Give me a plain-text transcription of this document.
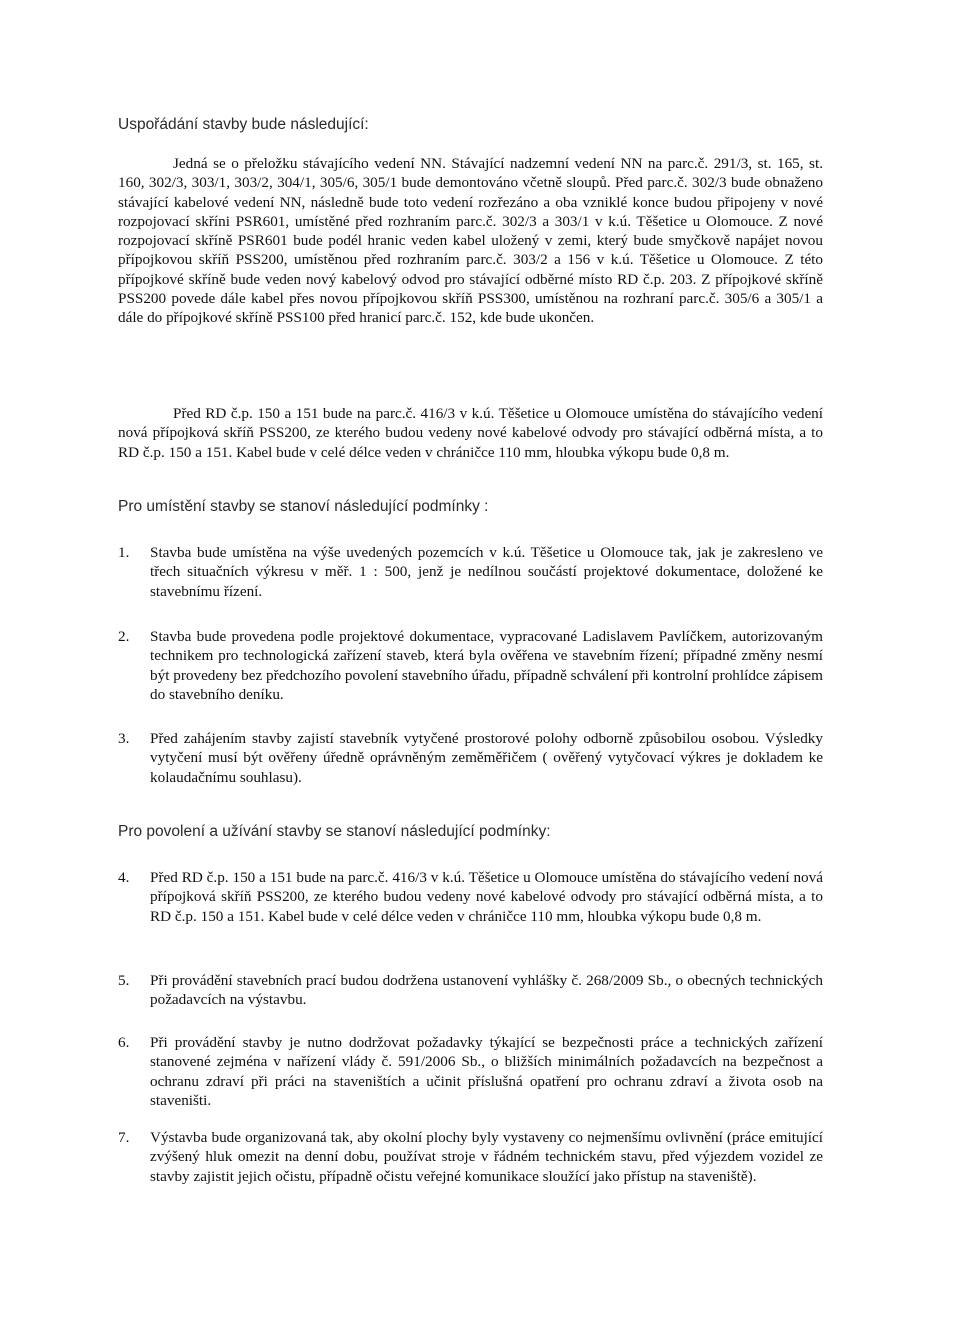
Uspořádání stavby bude následující:

Jedná se o přeložku stávajícího vedení NN. Stávající nadzemní vedení NN na parc.č. 291/3, st. 165, st. 160, 302/3, 303/1, 303/2, 304/1, 305/6, 305/1 bude demontováno včetně sloupů. Před parc.č. 302/3 bude obnaženo stávající kabelové vedení NN, následně bude toto vedení rozřezáno a oba vzniklé konce budou připojeny v nové rozpojovací skříni PSR601, umístěné před rozhraním parc.č. 302/3 a 303/1 v k.ú. Těšetice u Olomouce. Z nové rozpojovací skříně PSR601 bude podél hranic veden kabel uložený v zemi, který bude smyčkově napájet novou přípojkovou skříň PSS200, umístěnou před rozhraním parc.č. 303/2 a 156 v k.ú. Těšetice u Olomouce. Z této přípojkové skříně bude veden nový kabelový odvod pro stávající odběrné místo RD č.p. 203. Z přípojkové skříně PSS200 povede dále kabel přes novou přípojkovou skříň PSS300, umístěnou na rozhraní parc.č. 305/6 a 305/1 a dále do přípojkové skříně PSS100 před hranicí parc.č. 152, kde bude ukončen.

Před RD č.p. 150 a 151 bude na parc.č. 416/3 v k.ú. Těšetice u Olomouce umístěna do stávajícího vedení nová přípojková skříň PSS200, ze kterého budou vedeny nové kabelové odvody pro stávající odběrná místa, a to RD č.p. 150 a 151. Kabel bude v celé délce veden v chráničce 110 mm, hloubka výkopu bude 0,8 m.

Pro umístění stavby se stanoví následující podmínky :

1. Stavba bude umístěna na výše uvedených pozemcích v k.ú. Těšetice u Olomouce tak, jak je zakresleno ve třech situačních výkresu v měř. 1 : 500, jenž je nedílnou součástí projektové dokumentace, doložené ke stavebnímu řízení.
2. Stavba bude provedena podle projektové dokumentace, vypracované Ladislavem Pavlíčkem, autorizovaným technikem pro technologická zařízení staveb, která byla ověřena ve stavebním řízení; případné změny nesmí být provedeny bez předchozího povolení stavebního úřadu, případně schválení při kontrolní prohlídce zápisem do stavebního deníku.
3. Před zahájením stavby zajistí stavebník vytyčené prostorové polohy odborně způsobilou osobou. Výsledky vytyčení musí být ověřeny úředně oprávněným zeměměřičem ( ověřený vytyčovací výkres je dokladem ke kolaudačnímu souhlasu).

Pro povolení a užívání stavby se stanoví následující podmínky:

4. Před RD č.p. 150 a 151 bude na parc.č. 416/3 v k.ú. Těšetice u Olomouce umístěna do stávajícího vedení nová přípojková skříň PSS200, ze kterého budou vedeny nové kabelové odvody pro stávající odběrná místa, a to RD č.p. 150 a 151. Kabel bude v celé délce veden v chráničce 110 mm, hloubka výkopu bude 0,8 m.
5. Při provádění stavebních prací budou dodržena ustanovení vyhlášky č. 268/2009 Sb., o obecných technických požadavcích na výstavbu.
6. Při provádění stavby je nutno dodržovat požadavky týkající se bezpečnosti práce a technických zařízení stanovené zejména v nařízení vlády č. 591/2006 Sb., o bližších minimálních požadavcích na bezpečnost a ochranu zdraví při práci na staveništích a učinit příslušná opatření pro ochranu zdraví a života osob na staveništi.
7. Výstavba bude organizovaná tak, aby okolní plochy byly vystaveny co nejmenšímu ovlivnění (práce emitující zvýšený hluk omezit na denní dobu, používat stroje v řádném technickém stavu, před výjezdem vozidel ze stavby zajistit jejich očistu, případně očistu veřejné komunikace sloužící jako přístup na staveniště).
